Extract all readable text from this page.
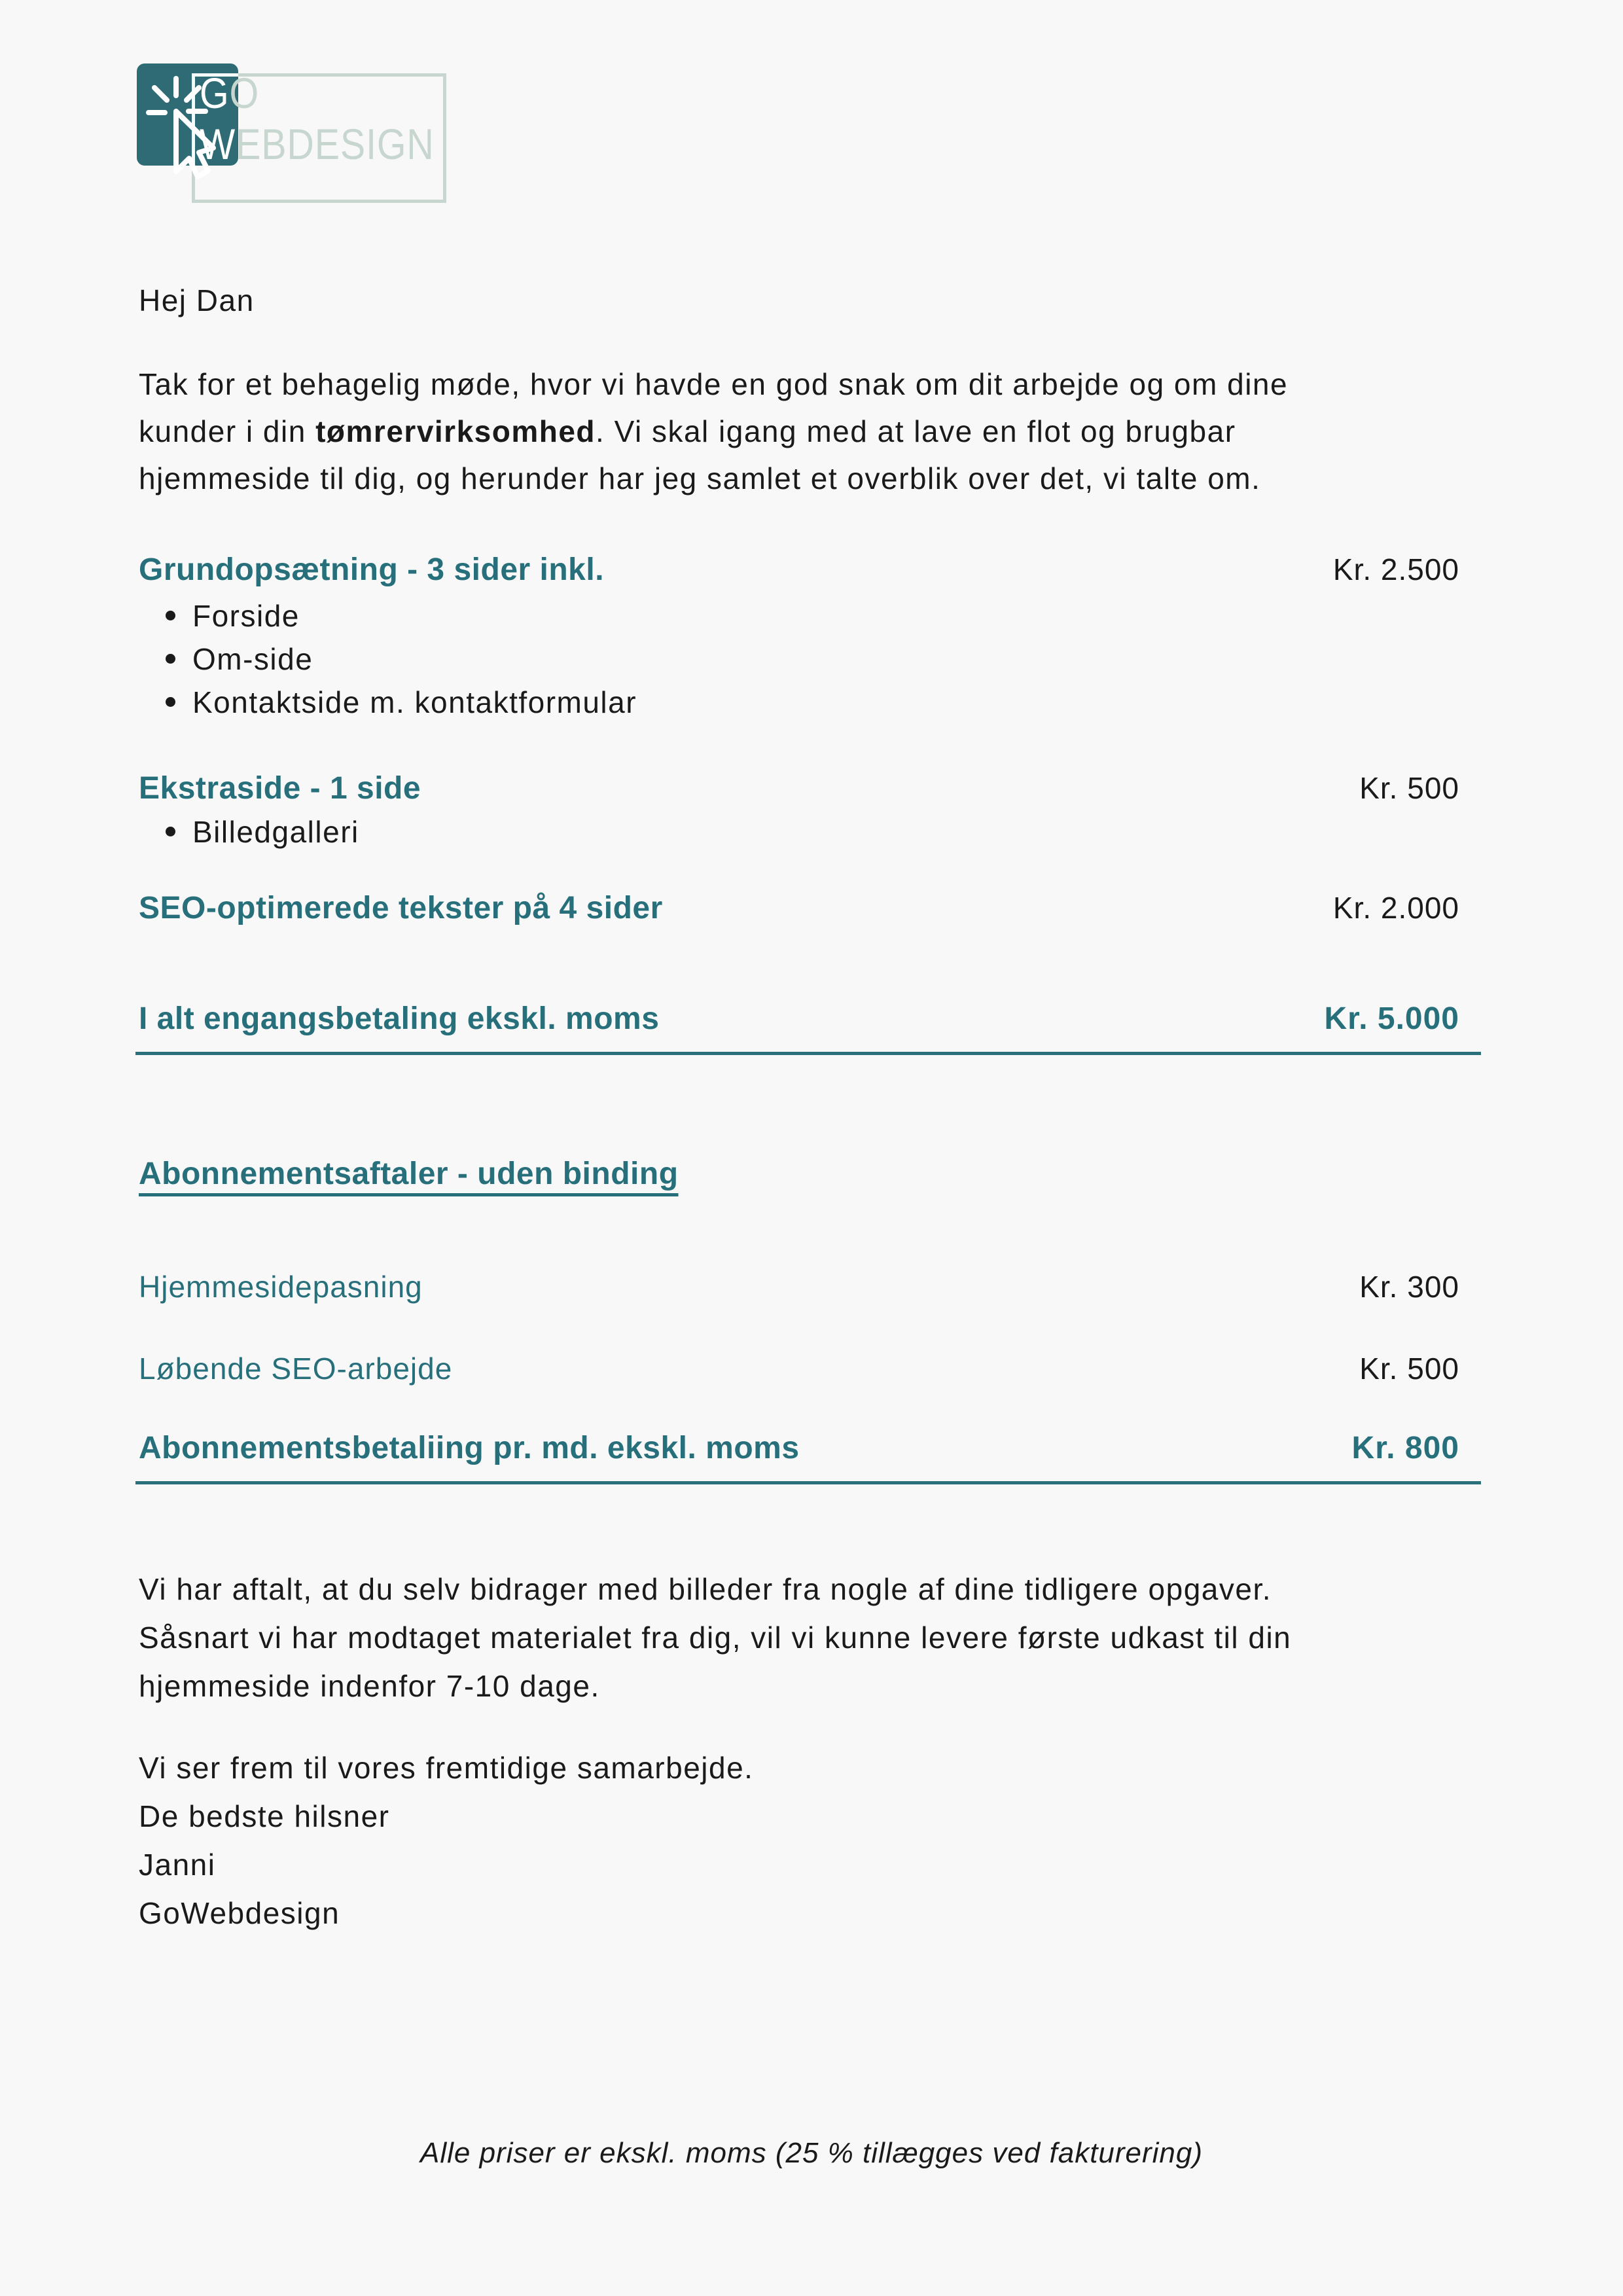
GO
WEBDESIGN
Hej Dan
Tak for et behagelig møde, hvor vi havde en god snak om dit arbejde og om dine
kunder i din tømrervirksomhed. Vi skal igang med at lave en flot og brugbar
hjemmeside til dig, og herunder har jeg samlet et overblik over det, vi talte om.
Grundopsætning - 3 sider inkl.	Kr. 2.500
Forside
Om-side
Kontaktside m. kontaktformular
Ekstraside - 1 side	Kr. 500
Billedgalleri
SEO-optimerede tekster på 4 sider	Kr. 2.000
I alt engangsbetaling ekskl. moms	Kr. 5.000
Abonnementsaftaler - uden binding
Hjemmesidepasning	Kr. 300
Løbende SEO-arbejde	Kr. 500
Abonnementsbetaliing pr. md. ekskl. moms	Kr. 800
Vi har aftalt, at du selv bidrager med billeder fra nogle af dine tidligere opgaver.
Såsnart vi har modtaget materialet fra dig, vil vi kunne levere første udkast til din
hjemmeside indenfor 7-10 dage.
Vi ser frem til vores fremtidige samarbejde.
De bedste hilsner
Janni
GoWebdesign
Alle priser er ekskl. moms (25 % tillægges ved fakturering)
